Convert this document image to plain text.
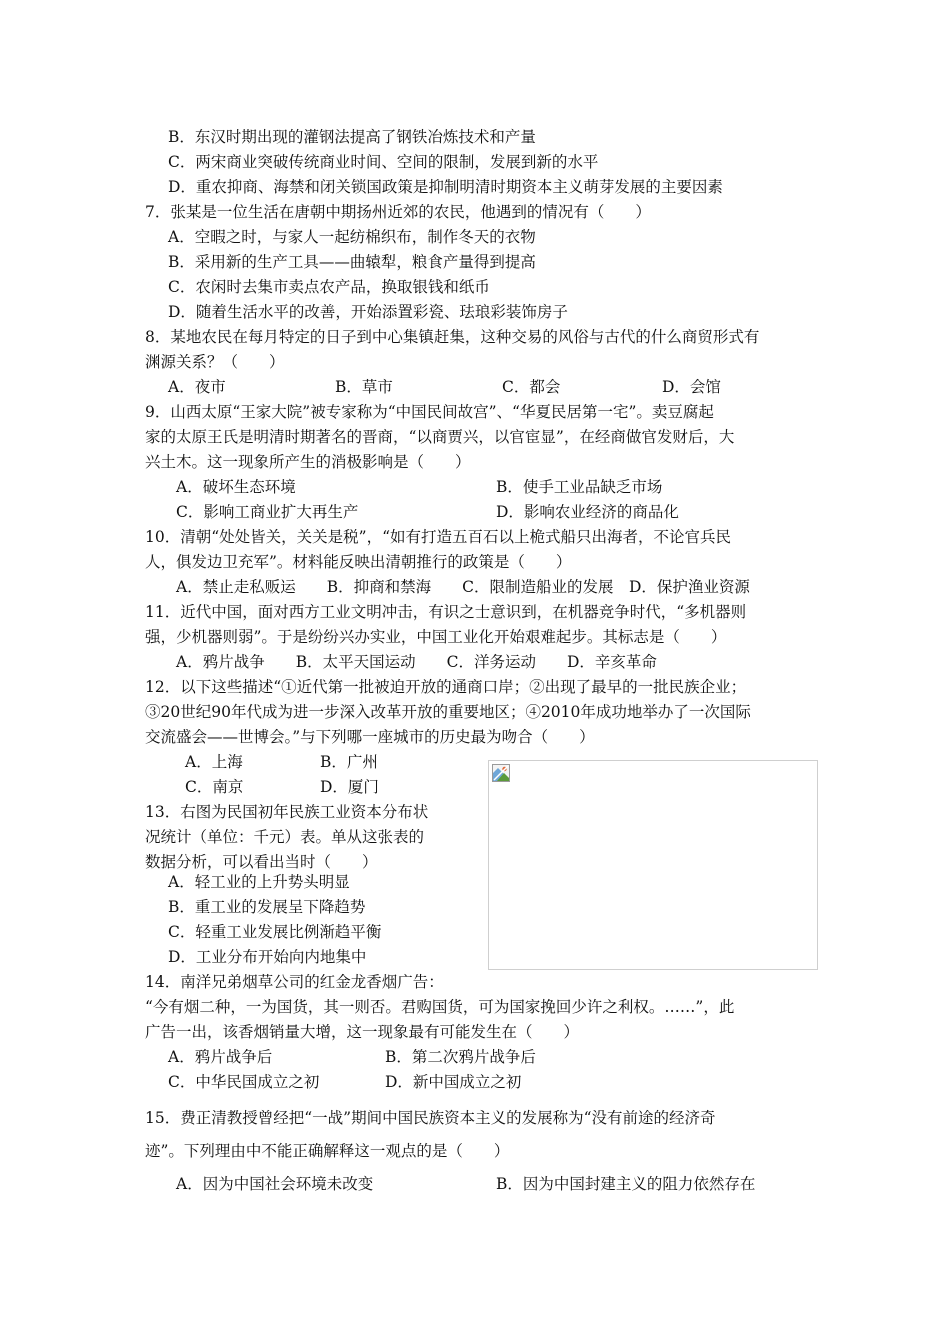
B．东汉时期出现的灌钢法提高了钢铁冶炼技术和产量
C．两宋商业突破传统商业时间、空间的限制，发展到新的水平
D．重农抑商、海禁和闭关锁国政策是抑制明清时期资本主义萌芽发展的主要因素
7．张某是一位生活在唐朝中期扬州近郊的农民，他遇到的情况有（　　）
A．空暇之时，与家人一起纺棉织布，制作冬天的衣物
B．采用新的生产工具——曲辕犁，粮食产量得到提高
C．农闲时去集市卖点农产品，换取银钱和纸币
D．随着生活水平的改善，开始添置彩瓷、珐琅彩装饰房子
8．某地农民在每月特定的日子到中心集镇赶集，这种交易的风俗与古代的什么商贸形式有
渊源关系？（　　）
A．夜市	B．草市	C．都会	D．会馆
9．山西太原“王家大院”被专家称为“中国民间故宫”、“华夏民居第一宅”。卖豆腐起
家的太原王氏是明清时期著名的晋商，“以商贾兴，以官宦显”，在经商做官发财后，大
兴土木。这一现象所产生的消极影响是（　　）
A．破坏生态环境	B．使手工业品缺乏市场
C．影响工商业扩大再生产	D．影响农业经济的商品化
10．清朝“处处皆关，关关是税”，“如有打造五百石以上桅式船只出海者，不论官兵民
人，俱发边卫充军”。材料能反映出清朝推行的政策是（　　）
A．禁止走私贩运　　B．抑商和禁海　　C．限制造船业的发展　D．保护渔业资源
11．近代中国，面对西方工业文明冲击，有识之士意识到，在机器竞争时代，“多机器则
强，少机器则弱”。于是纷纷兴办实业，中国工业化开始艰难起步。其标志是（　　）
A．鸦片战争　　B．太平天国运动　　C．洋务运动　　D．辛亥革命
12．以下这些描述“①近代第一批被迫开放的通商口岸；②出现了最早的一批民族企业；
③20世纪90年代成为进一步深入改革开放的重要地区；④2010年成功地举办了一次国际
交流盛会——世博会。”与下列哪一座城市的历史最为吻合（　　）
A．上海	B．广州
C．南京	D．厦门
13．右图为民国初年民族工业资本分布状
况统计（单位：千元）表。单从这张表的
数据分析，可以看出当时（　　）
A．轻工业的上升势头明显
B．重工业的发展呈下降趋势
C．轻重工业发展比例渐趋平衡
D．工业分布开始向内地集中
14．南洋兄弟烟草公司的红金龙香烟广告：
“今有烟二种，一为国货，其一则否。君购国货，可为国家挽回少许之利权。……”，此
广告一出，该香烟销量大增，这一现象最有可能发生在（　　）
A．鸦片战争后	B．第二次鸦片战争后
C．中华民国成立之初	D．新中国成立之初
15．费正清教授曾经把“一战”期间中国民族资本主义的发展称为“没有前途的经济奇
迹”。下列理由中不能正确解释这一观点的是（　　）
A．因为中国社会环境未改变	B．因为中国封建主义的阻力依然存在
